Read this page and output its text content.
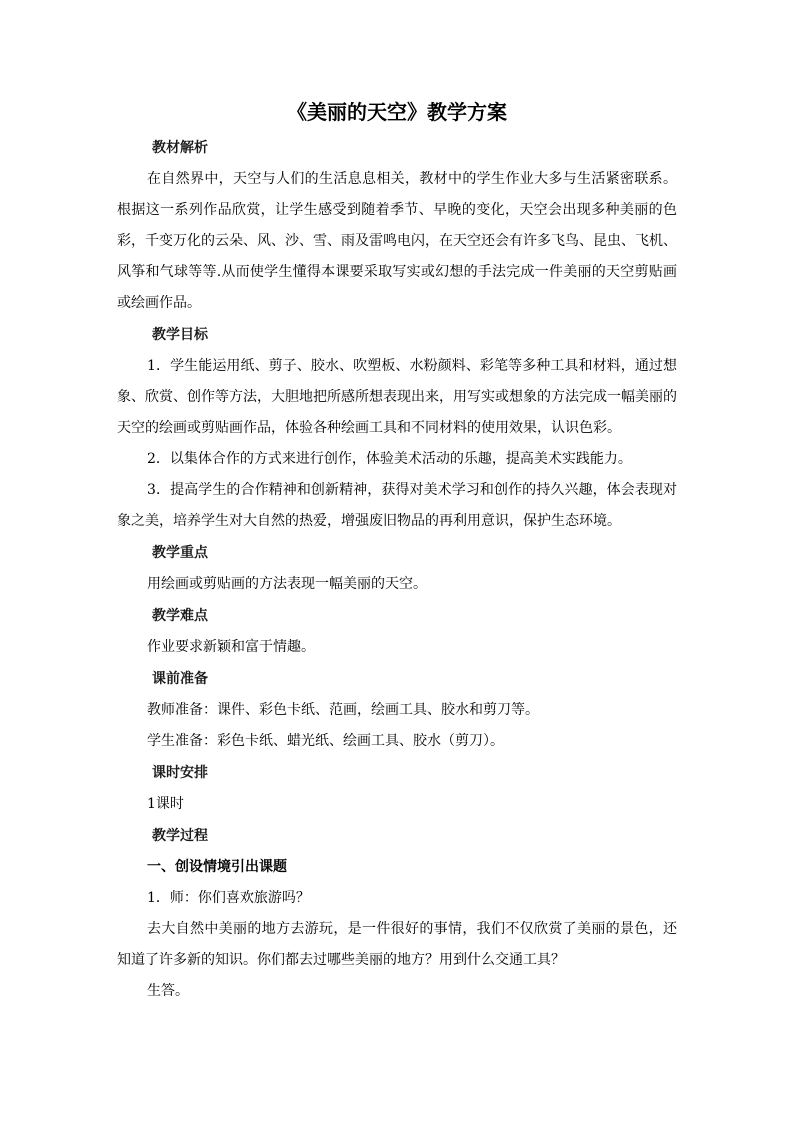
《美丽的天空》教学方案
教材解析

在自然界中，天空与人们的生活息息相关，教材中的学生作业大多与生活紧密联系。根据这一系列作品欣赏，让学生感受到随着季节、早晚的变化，天空会出现多种美丽的色彩，千变万化的云朵、风、沙、雪、雨及雷鸣电闪，在天空还会有许多飞鸟、昆虫、飞机、风筝和气球等等.从而使学生懂得本课要采取写实或幻想的手法完成一件美丽的天空剪贴画或绘画作品。

教学目标

1．学生能运用纸、剪子、胶水、吹塑板、水粉颜料、彩笔等多种工具和材料，通过想象、欣赏、创作等方法，大胆地把所感所想表现出来，用写实或想象的方法完成一幅美丽的天空的绘画或剪贴画作品，体验各种绘画工具和不同材料的使用效果，认识色彩。

2．以集体合作的方式来进行创作，体验美术活动的乐趣，提高美术实践能力。

3．提高学生的合作精神和创新精神，获得对美术学习和创作的持久兴趣，体会表现对象之美，培养学生对大自然的热爱，增强废旧物品的再利用意识，保护生态环境。

教学重点

用绘画或剪贴画的方法表现一幅美丽的天空。

教学难点

作业要求新颖和富于情趣。

课前准备

教师准备：课件、彩色卡纸、范画，绘画工具、胶水和剪刀等。

学生准备：彩色卡纸、蜡光纸、绘画工具、胶水（剪刀）。

课时安排

1课时

教学过程

一、创设情境引出课题

1．师：你们喜欢旅游吗？

去大自然中美丽的地方去游玩，是一件很好的事情，我们不仅欣赏了美丽的景色，还知道了许多新的知识。你们都去过哪些美丽的地方？用到什么交通工具？

生答。
